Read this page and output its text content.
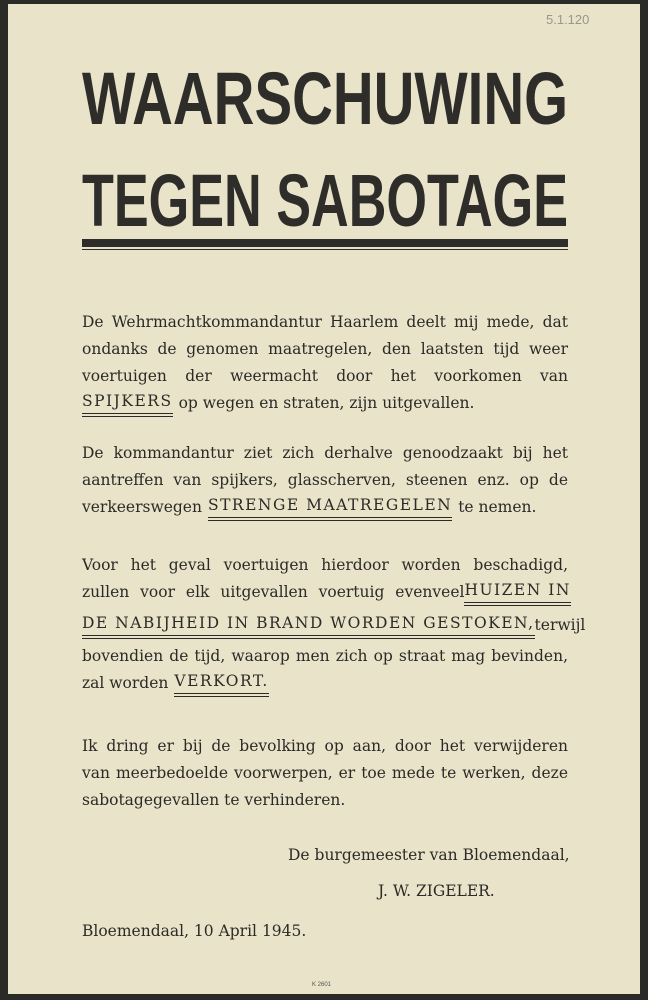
5.1.120
WAARSCHUWING
TEGEN SABOTAGE
De Wehrmachtkommandantur Haarlem deelt mij mede, dat
ondanks de genomen maatregelen, den laatsten tijd weer
voertuigen der weermacht door het voorkomen van
SPIJKERS op wegen en straten, zijn uitgevallen.
De kommandantur ziet zich derhalve genoodzaakt bij het
aantreffen van spijkers, glasscherven, steenen enz. op de
verkeerswegen STRENGE MAATREGELEN te nemen.
Voor het geval voertuigen hierdoor worden beschadigd,
zullen voor elk uitgevallen voertuig evenveel HUIZEN IN
DE NABIJHEID IN BRAND WORDEN GESTOKEN, terwijl
bovendien de tijd, waarop men zich op straat mag bevinden,
zal worden VERKORT.
Ik dring er bij de bevolking op aan, door het verwijderen
van meerbedoelde voorwerpen, er toe mede te werken, deze
sabotagegevallen te verhinderen.
De burgemeester van Bloemendaal,
J. W. ZIGELER.
Bloemendaal, 10 April 1945.
K 2601
